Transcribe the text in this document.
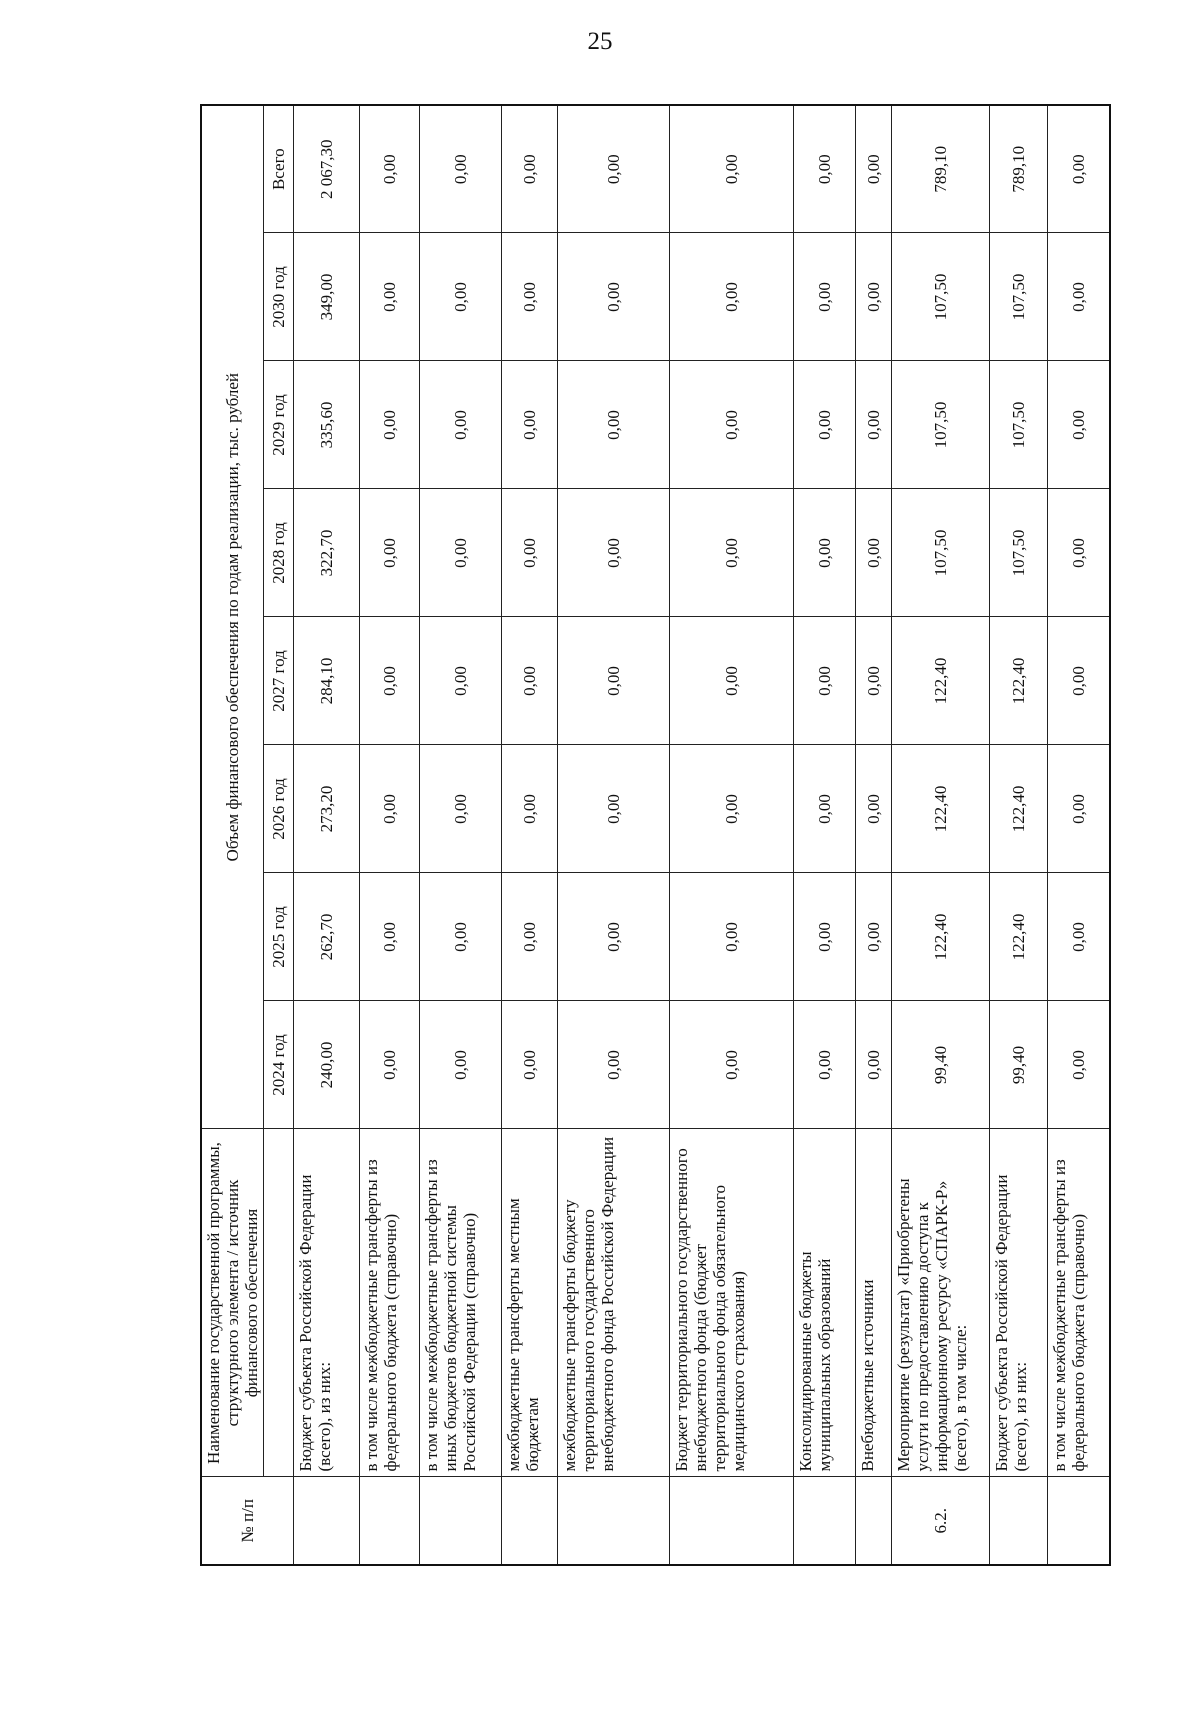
25
№ п/п	Наименование государственной программы, структурного элемента / источник финансового обеспечения	Объем финансового обеспечения по годам реализации, тыс. рублей							
		2024 год	2025 год	2026 год	2027 год	2028 год	2029 год	2030 год	Всего
	Бюджет субъекта Российской Федерации (всего), из них:	240,00	262,70	273,20	284,10	322,70	335,60	349,00	2 067,30
	в том числе межбюджетные трансферты из федерального бюджета (справочно)	0,00	0,00	0,00	0,00	0,00	0,00	0,00	0,00
	в том числе межбюджетные трансферты из иных бюджетов бюджетной системы Российской Федерации (справочно)	0,00	0,00	0,00	0,00	0,00	0,00	0,00	0,00
	межбюджетные трансферты местным бюджетам	0,00	0,00	0,00	0,00	0,00	0,00	0,00	0,00
	межбюджетные трансферты бюджету территориального государственного внебюджетного фонда Российской Федерации	0,00	0,00	0,00	0,00	0,00	0,00	0,00	0,00
	Бюджет территориального государственного внебюджетного фонда (бюджет территориального фонда обязательного медицинского страхования)	0,00	0,00	0,00	0,00	0,00	0,00	0,00	0,00
	Консолидированные бюджеты муниципальных образований	0,00	0,00	0,00	0,00	0,00	0,00	0,00	0,00
	Внебюджетные источники	0,00	0,00	0,00	0,00	0,00	0,00	0,00	0,00
6.2.	Мероприятие (результат) «Приобретены услуги по предоставлению доступа к информационному ресурсу «СПАРК-Р» (всего), в том числе:	99,40	122,40	122,40	122,40	107,50	107,50	107,50	789,10
	Бюджет субъекта Российской Федерации (всего), из них:	99,40	122,40	122,40	122,40	107,50	107,50	107,50	789,10
	в том числе межбюджетные трансферты из федерального бюджета (справочно)	0,00	0,00	0,00	0,00	0,00	0,00	0,00	0,00
